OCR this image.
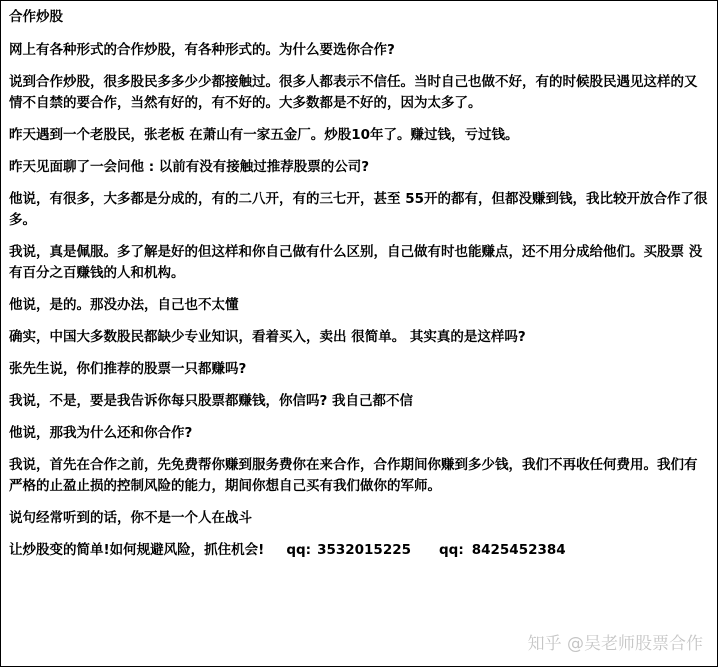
合作炒股

网上有各种形式的合作炒股，有各种形式的。为什么要选你合作?

说到合作炒股，很多股民多多少少都接触过。很多人都表示不信任。当时自己也做不好，有的时候股民遇见这样的又情不自禁的要合作，当然有好的，有不好的。大多数都是不好的，因为太多了。

昨天遇到一个老股民，张老板 在萧山有一家五金厂。炒股10年了。赚过钱，亏过钱。

昨天见面聊了一会问他 : 以前有没有接触过推荐股票的公司?

他说，有很多，大多都是分成的，有的二八开，有的三七开，甚至 55开的都有，但都没赚到钱，我比较开放合作了很多。

我说，真是佩服。多了解是好的但这样和你自己做有什么区别，自己做有时也能赚点，还不用分成给他们。买股票 没有百分之百赚钱的人和机构。

他说，是的。那没办法，自己也不太懂

确实，中国大多数股民都缺少专业知识，看着买入，卖出 很简单。 其实真的是这样吗?

张先生说，你们推荐的股票一只都赚吗?

我说，不是，要是我告诉你每只股票都赚钱，你信吗? 我自己都不信

他说，那我为什么还和你合作?

我说，首先在合作之前，先免费帮你赚到服务费你在来合作，合作期间你赚到多少钱，我们不再收任何费用。我们有严格的止盈止损的控制风险的能力，期间你想自己买有我们做你的军师。

说句经常听到的话，你不是一个人在战斗

让炒股变的简单!如何规避风险，抓住机会! qq: 3532015225 qq: 8425452384
知乎 @吴老师股票合作
